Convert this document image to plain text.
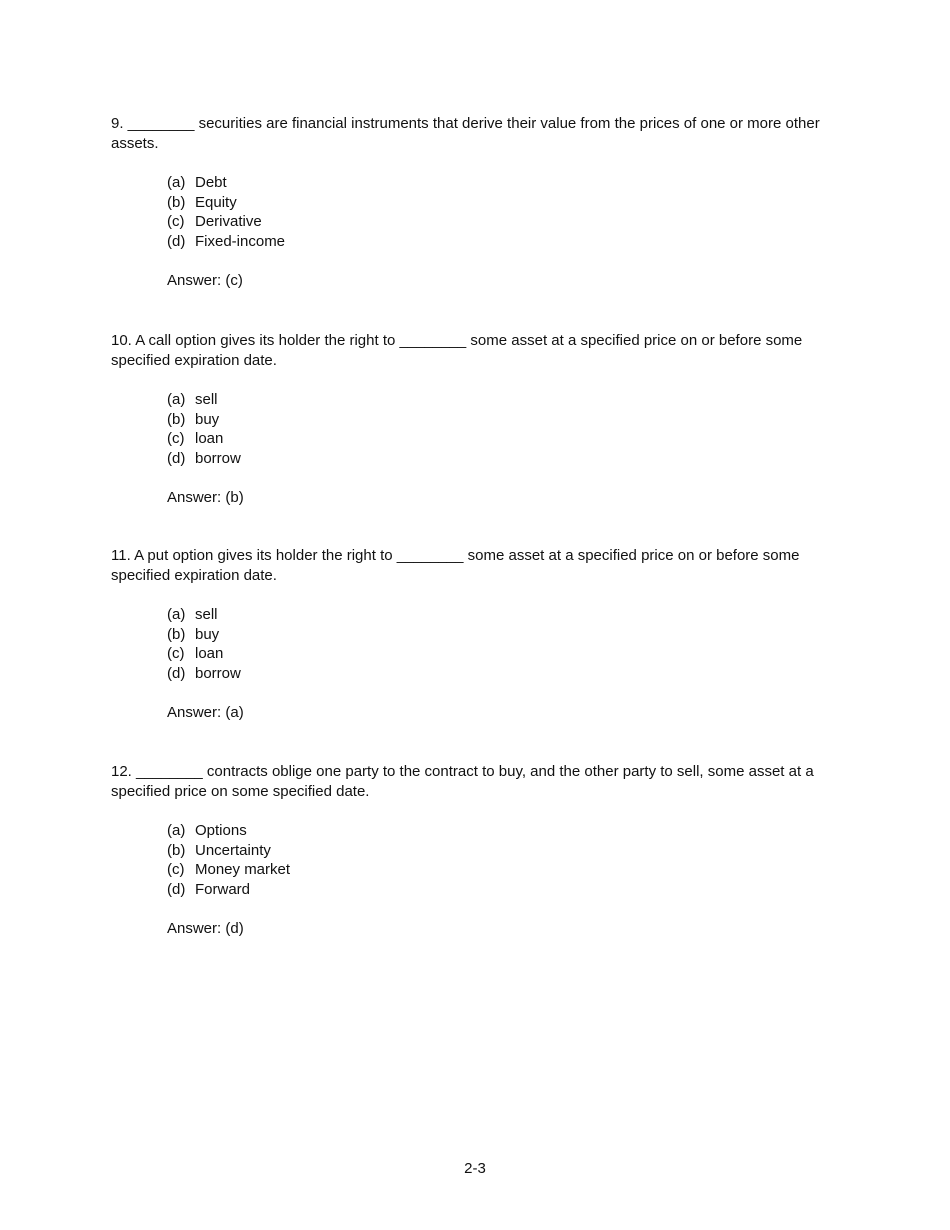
9. ________ securities are financial instruments that derive their value from the prices of one or more other assets.

(a) Debt
(b) Equity
(c) Derivative
(d) Fixed-income
Answer: (c)

10. A call option gives its holder the right to ________ some asset at a specified price on or before some specified expiration date.

(a) sell
(b) buy
(c) loan
(d) borrow
Answer: (b)

11. A put option gives its holder the right to ________ some asset at a specified price on or before some specified expiration date.

(a) sell
(b) buy
(c) loan
(d) borrow
Answer: (a)

12. ________ contracts oblige one party to the contract to buy, and the other party to sell, some asset at a specified price on some specified date.

(a) Options
(b) Uncertainty
(c) Money market
(d) Forward
Answer: (d)
2-3
